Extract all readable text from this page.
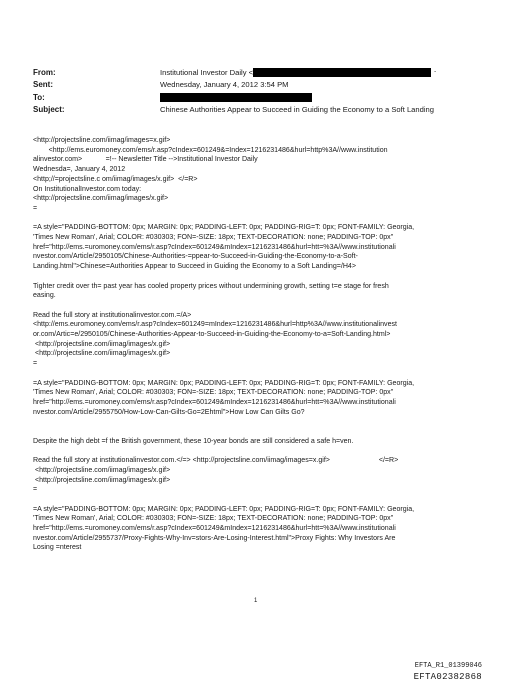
From:	Institutional Investor Daily <	-
Sent:	Wednesday, January 4, 2012 3:54 PM
To:
Subject:	Chinese Authorities Appear to Succeed in Guiding the Economy to a Soft Landing

<http://projectsline.com/iimag/images=x.gif>

<http://ems.euromoney.com/ems/r.asp?cIndex=601249&=Index=1216231486&hurl=http%3A//www.institution

alinvestor.com>            =!-- Newsletter Title -->Institutional Investor Daily

Wednesda=, January 4, 2012

<http;//=projectsline.c om/iimag/images/x.gif>  </=R>

On InstitutionalInvestor.com today:

<http://projectsline.com/iimag/images/x.gif>

=

=A style="PADDING-BOTTOM: 0px; MARGIN: 0px; PADDING-LEFT: 0px; PADDING-RIG=T: 0px; FONT-FAMILY: Georgia,

'Times New Roman', Arial; COLOR: #030303; FON=-SIZE: 18px; TEXT-DECORATION: none; PADDING-TOP: 0px"

href="http://ems.=uromoney.com/ems/r.asp?cIndex=601249&mIndex=1216231486&hurl=htt=%3A//www.institutionali

nvestor.com/Article/2950105/Chinese-Authorities-=ppear-to-Succeed-in-Guiding-the-Economy-to-a-Soft-

Landing.html">Chinese=Authorities Appear to Succeed in Guiding the Economy to a Soft Landing=/H4>

Tighter credit over th= past year has cooled property prices without undermining growth, setting t=e stage for fresh

easing.

Read the full story at institutionalinvestor.com.=/A>

<http://ems.euromoney.com/ems/r.asp?cIndex=601249=mIndex=1216231486&hurl=http%3A//www.institutionalinvest

or.com/Artic=e/2950105/Chinese-Authorities-Appear-to-Succeed-in-Guiding-the-Economy-to-a=Soft-Landing.html>

<http://projectsline.com/iimag/images/x.gif>

<http://projectsline.com/iimag/images/x.gif>

=

=A style="PADDING-BOTTOM: 0px; MARGIN: 0px; PADDING-LEFT: 0px; PADDING-RIG=T: 0px; FONT-FAMILY: Georgia,

'Times New Roman', Arial; COLOR: #030303; FON=-SIZE: 18px; TEXT-DECORATION: none; PADDING-TOP: 0px"

href="http://ems.=uromoney.com/ems/r.asp?cIndex=601249&mIndex=1216231486&hurl=htt=%3A//www.institutionali

nvestor.com/Article/2955750/How-Low-Can-Gilts-Go=2Ehtml">How Low Can Gilts Go?

Despite the high debt =f the British government, these 10-year bonds are still considered a safe h=ven.

Read the full story at institutionalinvestor.com.</=> <http://projectsline.com/iimag/images=x.gif>                         </=R>

<http://projectsline.com/iimag/images/x.gif>

<http://projectsline.com/iimag/images/x.gif>

=

=A style="PADDING-BOTTOM: 0px; MARGIN: 0px; PADDING-LEFT: 0px; PADDING-RIG=T: 0px; FONT-FAMILY: Georgia,

'Times New Roman', Arial; COLOR: #030303; FON=-SIZE: 18px; TEXT-DECORATION: none; PADDING-TOP: 0px"

href="http://ems.=uromoney.com/ems/r.asp?cIndex=601249&mIndex=1216231486&hurl=htt=%3A//www.institutionali

nvestor.com/Article/2955737/Proxy-Fights-Why-Inv=stors-Are-Losing-Interest.html">Proxy Fights: Why Investors Are

Losing =nterest

1
EFTA_R1_01399046
EFTA02382868
